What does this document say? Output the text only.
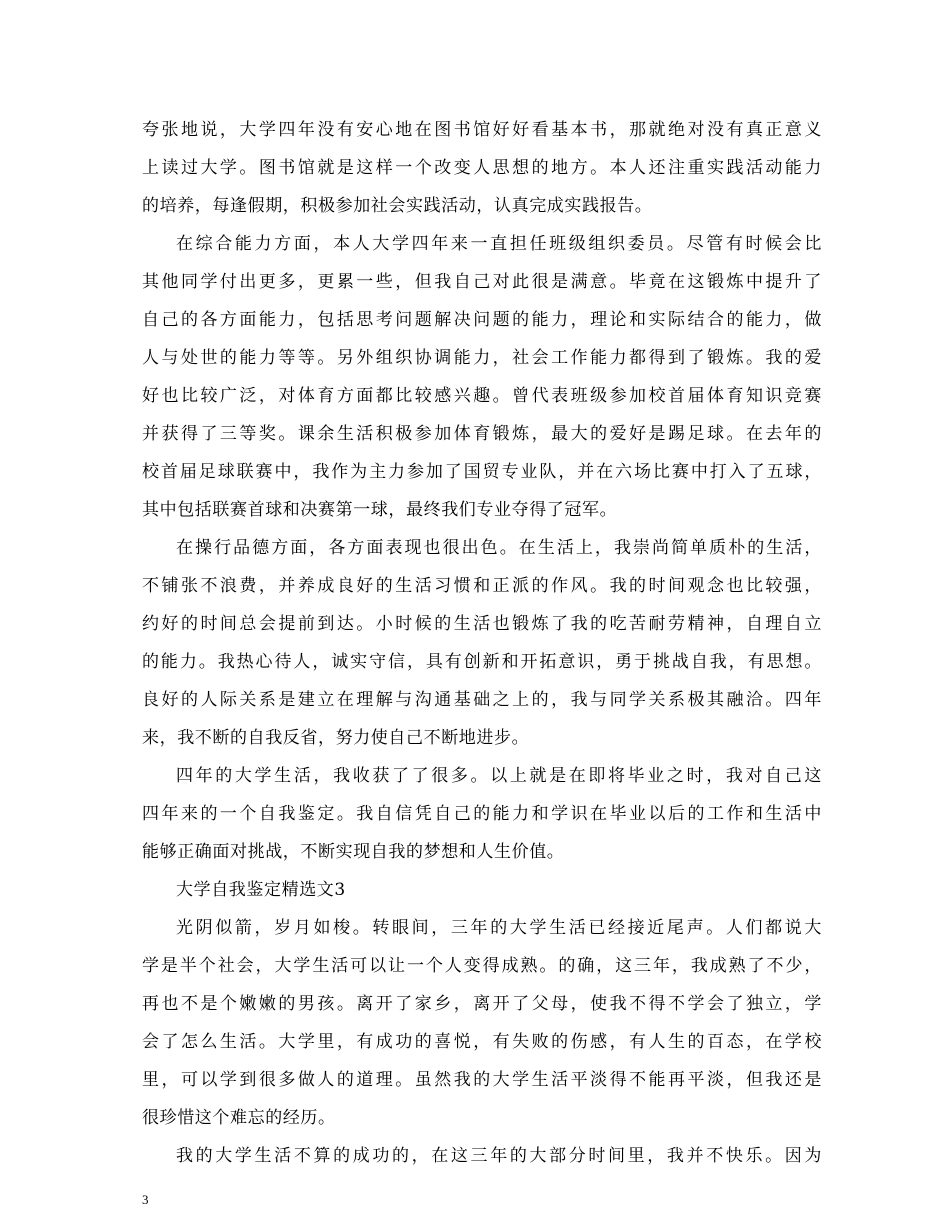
夸张地说，大学四年没有安心地在图书馆好好看基本书，那就绝对没有真正意义
上读过大学。图书馆就是这样一个改变人思想的地方。本人还注重实践活动能力
的培养，每逢假期，积极参加社会实践活动，认真完成实践报告。
在综合能力方面，本人大学四年来一直担任班级组织委员。尽管有时候会比
其他同学付出更多，更累一些，但我自己对此很是满意。毕竟在这锻炼中提升了
自己的各方面能力，包括思考问题解决问题的能力，理论和实际结合的能力，做
人与处世的能力等等。另外组织协调能力，社会工作能力都得到了锻炼。我的爱
好也比较广泛，对体育方面都比较感兴趣。曾代表班级参加校首届体育知识竞赛
并获得了三等奖。课余生活积极参加体育锻炼，最大的爱好是踢足球。在去年的
校首届足球联赛中，我作为主力参加了国贸专业队，并在六场比赛中打入了五球，
其中包括联赛首球和决赛第一球，最终我们专业夺得了冠军。
在操行品德方面，各方面表现也很出色。在生活上，我崇尚简单质朴的生活，
不铺张不浪费，并养成良好的生活习惯和正派的作风。我的时间观念也比较强，
约好的时间总会提前到达。小时候的生活也锻炼了我的吃苦耐劳精神，自理自立
的能力。我热心待人，诚实守信，具有创新和开拓意识，勇于挑战自我，有思想。
良好的人际关系是建立在理解与沟通基础之上的，我与同学关系极其融洽。四年
来，我不断的自我反省，努力使自己不断地进步。
四年的大学生活，我收获了了很多。以上就是在即将毕业之时，我对自己这
四年来的一个自我鉴定。我自信凭自己的能力和学识在毕业以后的工作和生活中
能够正确面对挑战，不断实现自我的梦想和人生价值。
大学自我鉴定精选文3
光阴似箭，岁月如梭。转眼间，三年的大学生活已经接近尾声。人们都说大
学是半个社会，大学生活可以让一个人变得成熟。的确，这三年，我成熟了不少，
再也不是个嫩嫩的男孩。离开了家乡，离开了父母，使我不得不学会了独立，学
会了怎么生活。大学里，有成功的喜悦，有失败的伤感，有人生的百态，在学校
里，可以学到很多做人的道理。虽然我的大学生活平淡得不能再平淡，但我还是
很珍惜这个难忘的经历。
我的大学生活不算的成功的，在这三年的大部分时间里，我并不快乐。因为
3
